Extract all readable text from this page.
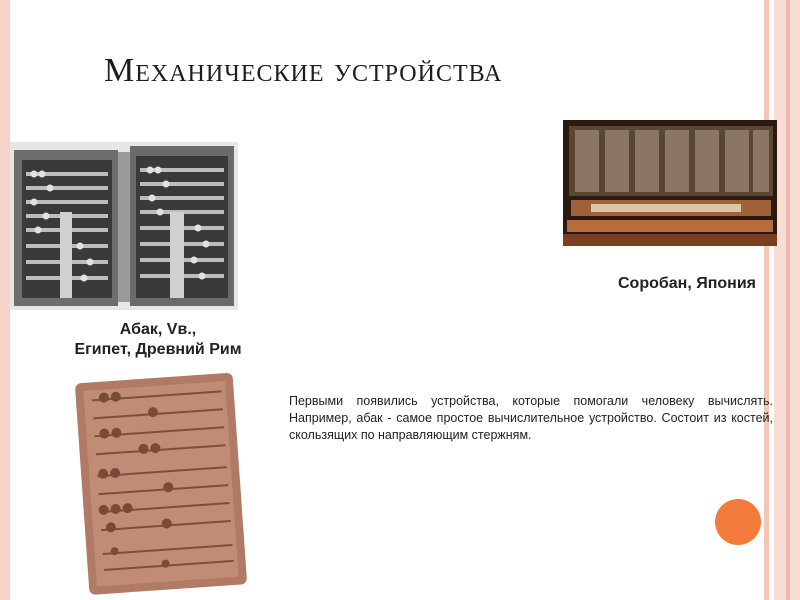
Механические устройства
Соробан, Япония
Абак, Vв.,
Египет, Древний Рим

Первыми появились устройства, которые помогали человеку вычислять. Например, абак - самое простое вычислительное устройство. Состоит из костей, скользящих по направляющим стержням.
